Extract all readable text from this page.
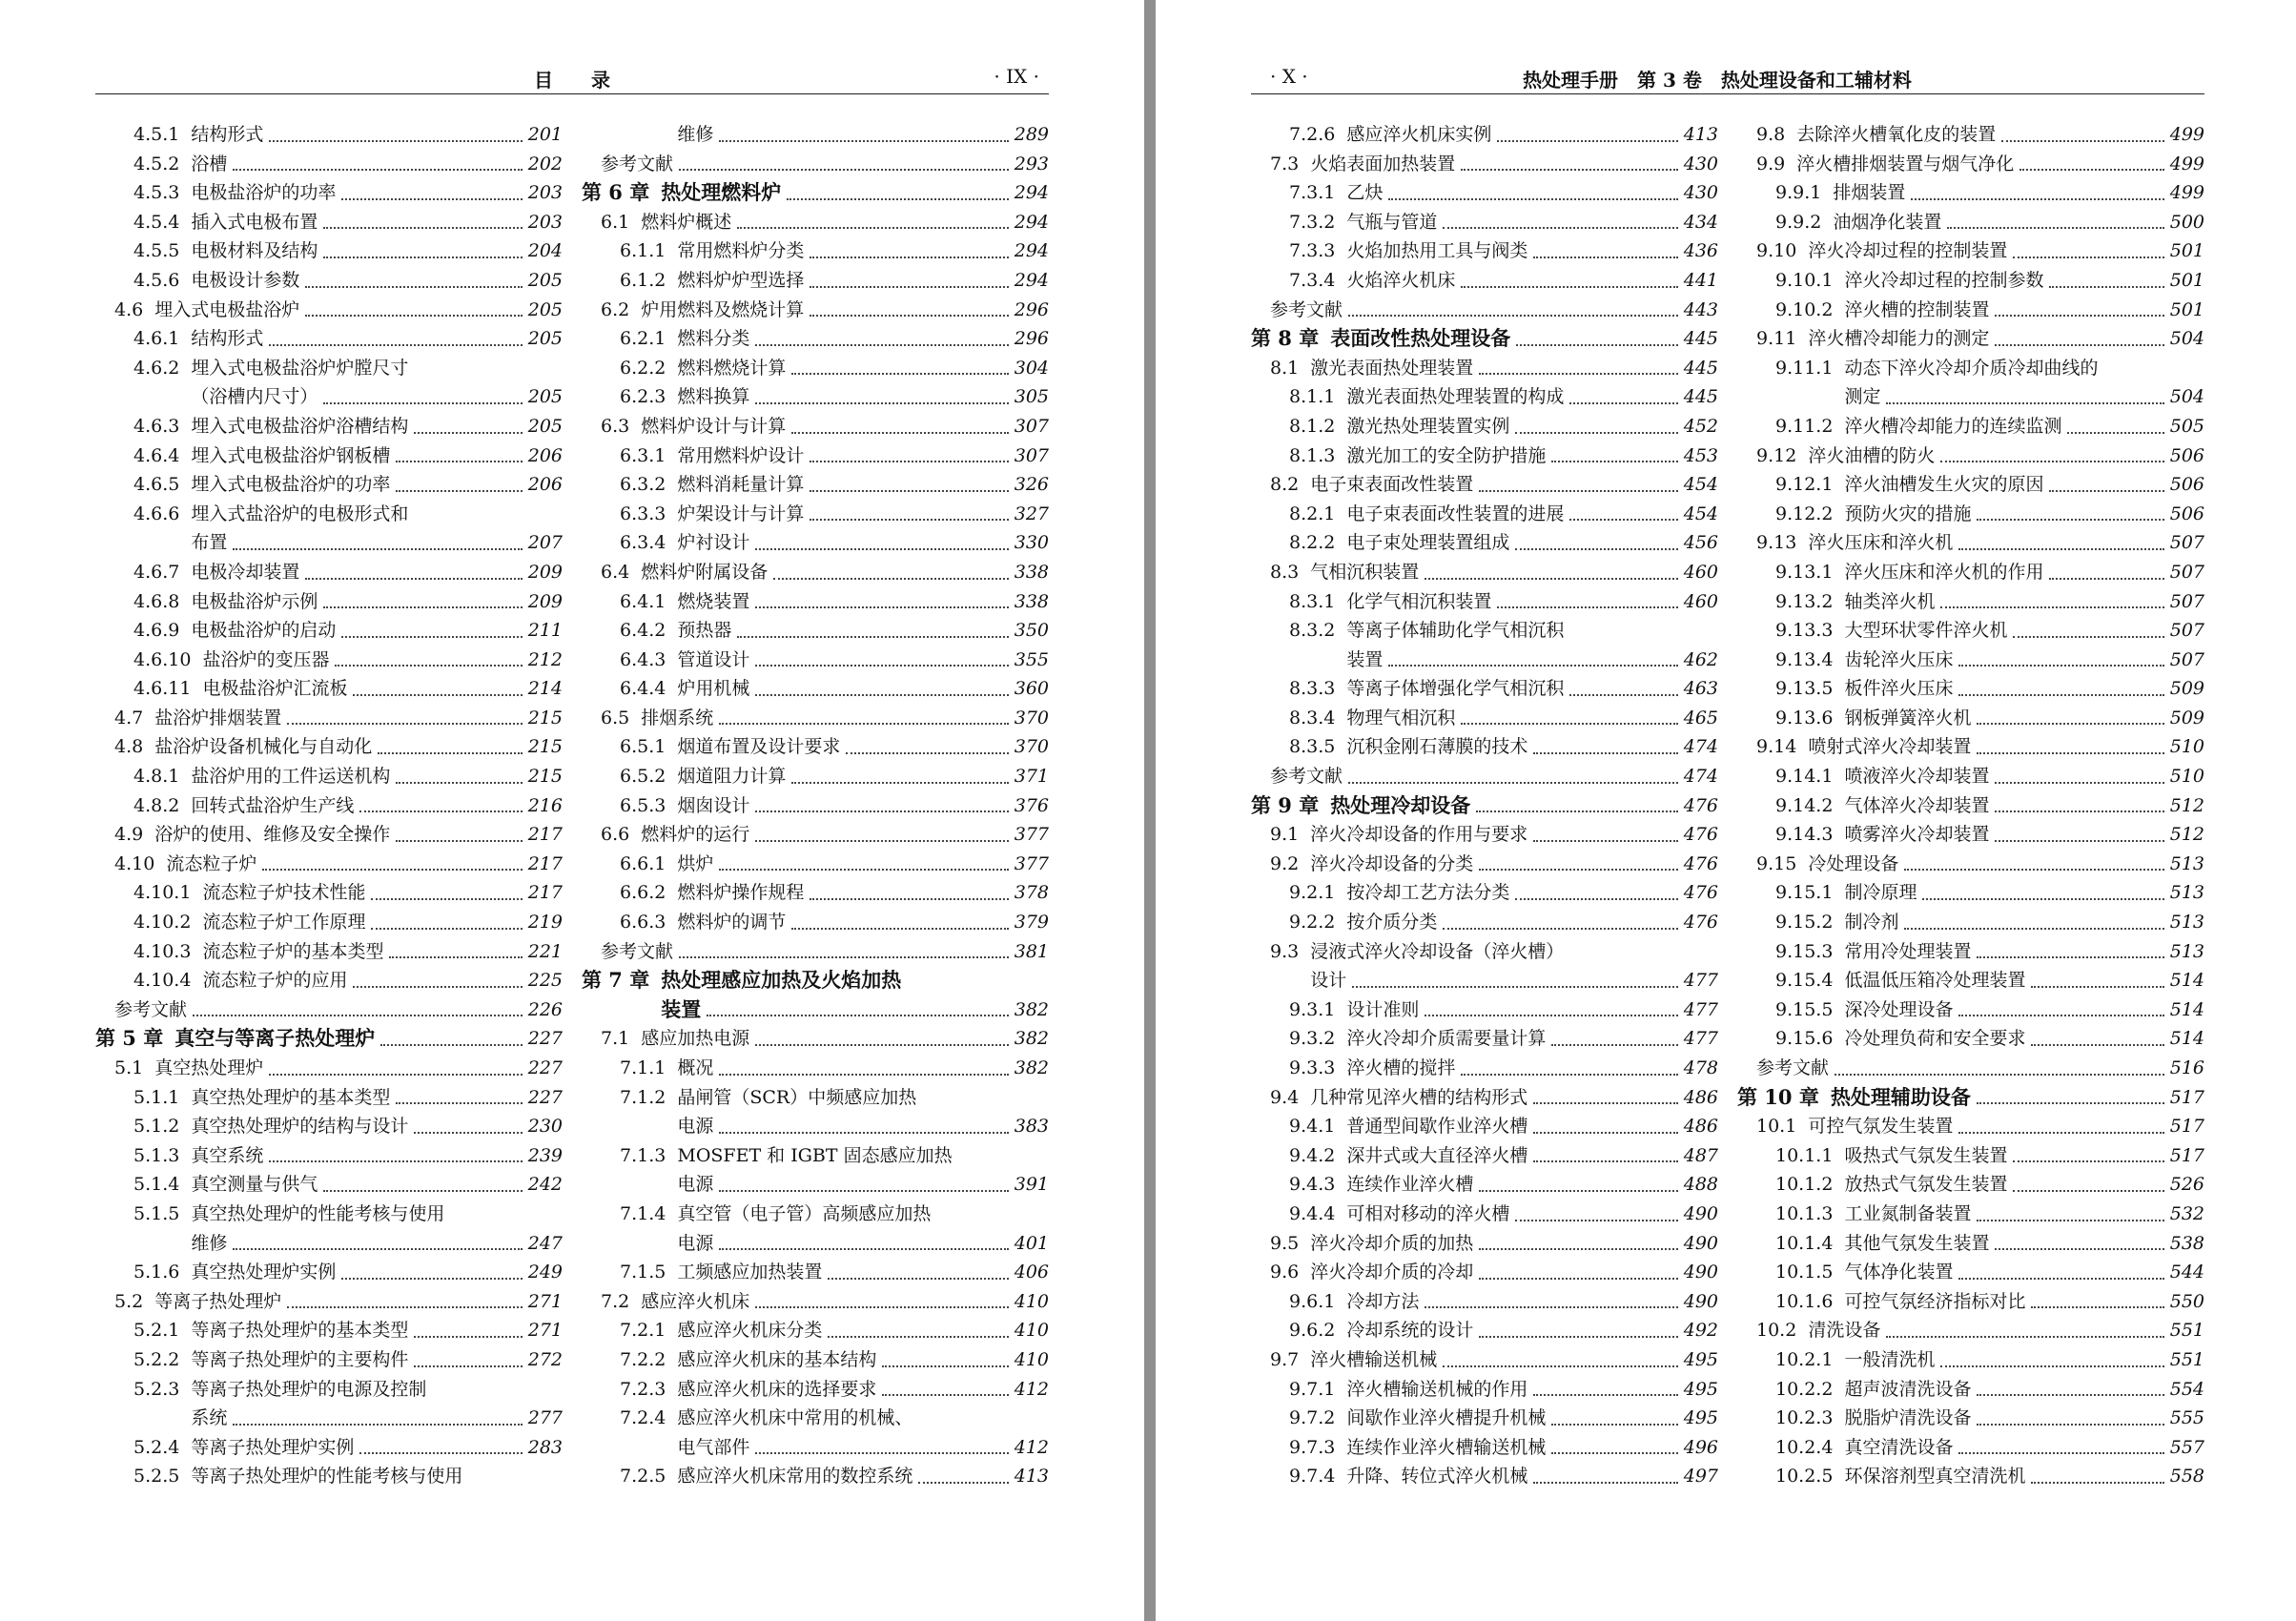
目　　录	· IX ·
4.5.1 结构形式	201
4.5.2 浴槽	202
4.5.3 电极盐浴炉的功率	203
4.5.4 插入式电极布置	203
4.5.5 电极材料及结构	204
4.5.6 电极设计参数	205
4.6 埋入式电极盐浴炉	205
4.6.1 结构形式	205
4.6.2 埋入式电极盐浴炉炉膛尺寸
（浴槽内尺寸）	205
4.6.3 埋入式电极盐浴炉浴槽结构	205
4.6.4 埋入式电极盐浴炉钢板槽	206
4.6.5 埋入式电极盐浴炉的功率	206
4.6.6 埋入式盐浴炉的电极形式和
布置	207
4.6.7 电极冷却装置	209
4.6.8 电极盐浴炉示例	209
4.6.9 电极盐浴炉的启动	211
4.6.10 盐浴炉的变压器	212
4.6.11 电极盐浴炉汇流板	214
4.7 盐浴炉排烟装置	215
4.8 盐浴炉设备机械化与自动化	215
4.8.1 盐浴炉用的工件运送机构	215
4.8.2 回转式盐浴炉生产线	216
4.9 浴炉的使用、维修及安全操作	217
4.10 流态粒子炉	217
4.10.1 流态粒子炉技术性能	217
4.10.2 流态粒子炉工作原理	219
4.10.3 流态粒子炉的基本类型	221
4.10.4 流态粒子炉的应用	225
参考文献	226
第 5 章 真空与等离子热处理炉	227
5.1 真空热处理炉	227
5.1.1 真空热处理炉的基本类型	227
5.1.2 真空热处理炉的结构与设计	230
5.1.3 真空系统	239
5.1.4 真空测量与供气	242
5.1.5 真空热处理炉的性能考核与使用
维修	247
5.1.6 真空热处理炉实例	249
5.2 等离子热处理炉	271
5.2.1 等离子热处理炉的基本类型	271
5.2.2 等离子热处理炉的主要构件	272
5.2.3 等离子热处理炉的电源及控制
系统	277
5.2.4 等离子热处理炉实例	283
5.2.5 等离子热处理炉的性能考核与使用
维修	289
参考文献	293
第 6 章 热处理燃料炉	294
6.1 燃料炉概述	294
6.1.1 常用燃料炉分类	294
6.1.2 燃料炉炉型选择	294
6.2 炉用燃料及燃烧计算	296
6.2.1 燃料分类	296
6.2.2 燃料燃烧计算	304
6.2.3 燃料换算	305
6.3 燃料炉设计与计算	307
6.3.1 常用燃料炉设计	307
6.3.2 燃料消耗量计算	326
6.3.3 炉架设计与计算	327
6.3.4 炉衬设计	330
6.4 燃料炉附属设备	338
6.4.1 燃烧装置	338
6.4.2 预热器	350
6.4.3 管道设计	355
6.4.4 炉用机械	360
6.5 排烟系统	370
6.5.1 烟道布置及设计要求	370
6.5.2 烟道阻力计算	371
6.5.3 烟囱设计	376
6.6 燃料炉的运行	377
6.6.1 烘炉	377
6.6.2 燃料炉操作规程	378
6.6.3 燃料炉的调节	379
参考文献	381
第 7 章 热处理感应加热及火焰加热
装置	382
7.1 感应加热电源	382
7.1.1 概况	382
7.1.2 晶闸管（SCR）中频感应加热
电源	383
7.1.3 MOSFET 和 IGBT 固态感应加热
电源	391
7.1.4 真空管（电子管）高频感应加热
电源	401
7.1.5 工频感应加热装置	406
7.2 感应淬火机床	410
7.2.1 感应淬火机床分类	410
7.2.2 感应淬火机床的基本结构	410
7.2.3 感应淬火机床的选择要求	412
7.2.4 感应淬火机床中常用的机械、
电气部件	412
7.2.5 感应淬火机床常用的数控系统	413
· X ·	热处理手册　第 3 卷　热处理设备和工辅材料
7.2.6 感应淬火机床实例	413
7.3 火焰表面加热装置	430
7.3.1 乙炔	430
7.3.2 气瓶与管道	434
7.3.3 火焰加热用工具与阀类	436
7.3.4 火焰淬火机床	441
参考文献	443
第 8 章 表面改性热处理设备	445
8.1 激光表面热处理装置	445
8.1.1 激光表面热处理装置的构成	445
8.1.2 激光热处理装置实例	452
8.1.3 激光加工的安全防护措施	453
8.2 电子束表面改性装置	454
8.2.1 电子束表面改性装置的进展	454
8.2.2 电子束处理装置组成	456
8.3 气相沉积装置	460
8.3.1 化学气相沉积装置	460
8.3.2 等离子体辅助化学气相沉积
装置	462
8.3.3 等离子体增强化学气相沉积	463
8.3.4 物理气相沉积	465
8.3.5 沉积金刚石薄膜的技术	474
参考文献	474
第 9 章 热处理冷却设备	476
9.1 淬火冷却设备的作用与要求	476
9.2 淬火冷却设备的分类	476
9.2.1 按冷却工艺方法分类	476
9.2.2 按介质分类	476
9.3 浸液式淬火冷却设备（淬火槽）
设计	477
9.3.1 设计准则	477
9.3.2 淬火冷却介质需要量计算	477
9.3.3 淬火槽的搅拌	478
9.4 几种常见淬火槽的结构形式	486
9.4.1 普通型间歇作业淬火槽	486
9.4.2 深井式或大直径淬火槽	487
9.4.3 连续作业淬火槽	488
9.4.4 可相对移动的淬火槽	490
9.5 淬火冷却介质的加热	490
9.6 淬火冷却介质的冷却	490
9.6.1 冷却方法	490
9.6.2 冷却系统的设计	492
9.7 淬火槽输送机械	495
9.7.1 淬火槽输送机械的作用	495
9.7.2 间歇作业淬火槽提升机械	495
9.7.3 连续作业淬火槽输送机械	496
9.7.4 升降、转位式淬火机械	497
9.8 去除淬火槽氧化皮的装置	499
9.9 淬火槽排烟装置与烟气净化	499
9.9.1 排烟装置	499
9.9.2 油烟净化装置	500
9.10 淬火冷却过程的控制装置	501
9.10.1 淬火冷却过程的控制参数	501
9.10.2 淬火槽的控制装置	501
9.11 淬火槽冷却能力的测定	504
9.11.1 动态下淬火冷却介质冷却曲线的
测定	504
9.11.2 淬火槽冷却能力的连续监测	505
9.12 淬火油槽的防火	506
9.12.1 淬火油槽发生火灾的原因	506
9.12.2 预防火灾的措施	506
9.13 淬火压床和淬火机	507
9.13.1 淬火压床和淬火机的作用	507
9.13.2 轴类淬火机	507
9.13.3 大型环状零件淬火机	507
9.13.4 齿轮淬火压床	507
9.13.5 板件淬火压床	509
9.13.6 钢板弹簧淬火机	509
9.14 喷射式淬火冷却装置	510
9.14.1 喷液淬火冷却装置	510
9.14.2 气体淬火冷却装置	512
9.14.3 喷雾淬火冷却装置	512
9.15 冷处理设备	513
9.15.1 制冷原理	513
9.15.2 制冷剂	513
9.15.3 常用冷处理装置	513
9.15.4 低温低压箱冷处理装置	514
9.15.5 深冷处理设备	514
9.15.6 冷处理负荷和安全要求	514
参考文献	516
第 10 章 热处理辅助设备	517
10.1 可控气氛发生装置	517
10.1.1 吸热式气氛发生装置	517
10.1.2 放热式气氛发生装置	526
10.1.3 工业氮制备装置	532
10.1.4 其他气氛发生装置	538
10.1.5 气体净化装置	544
10.1.6 可控气氛经济指标对比	550
10.2 清洗设备	551
10.2.1 一般清洗机	551
10.2.2 超声波清洗设备	554
10.2.3 脱脂炉清洗设备	555
10.2.4 真空清洗设备	557
10.2.5 环保溶剂型真空清洗机	558
